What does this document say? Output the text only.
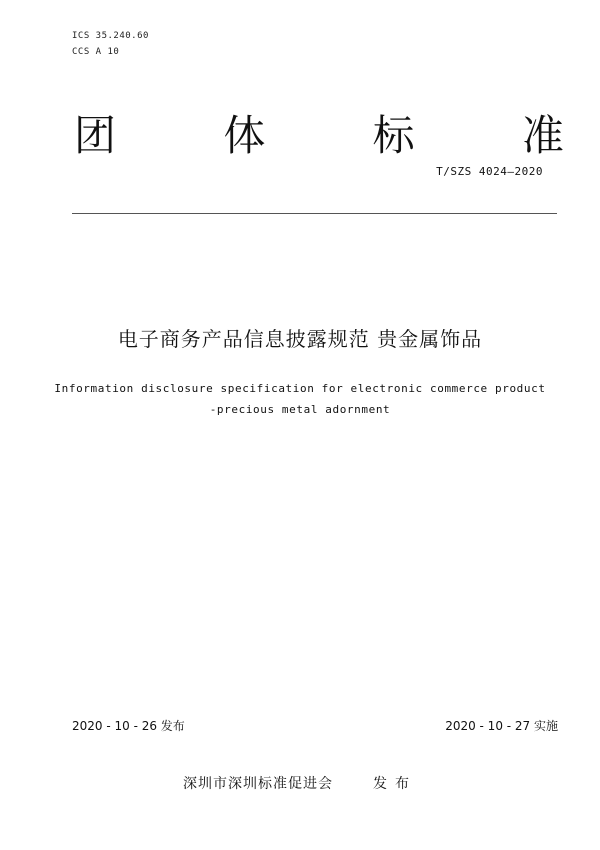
ICS 35.240.60
CCS A 10
团	体	标	准
T/SZS 4024—2020
电子商务产品信息披露规范 贵金属饰品
Information disclosure specification for electronic commerce product
-precious metal adornment
2020 - 10 - 26 发布	2020 - 10 - 27 实施
深圳市深圳标准促进会	发布
